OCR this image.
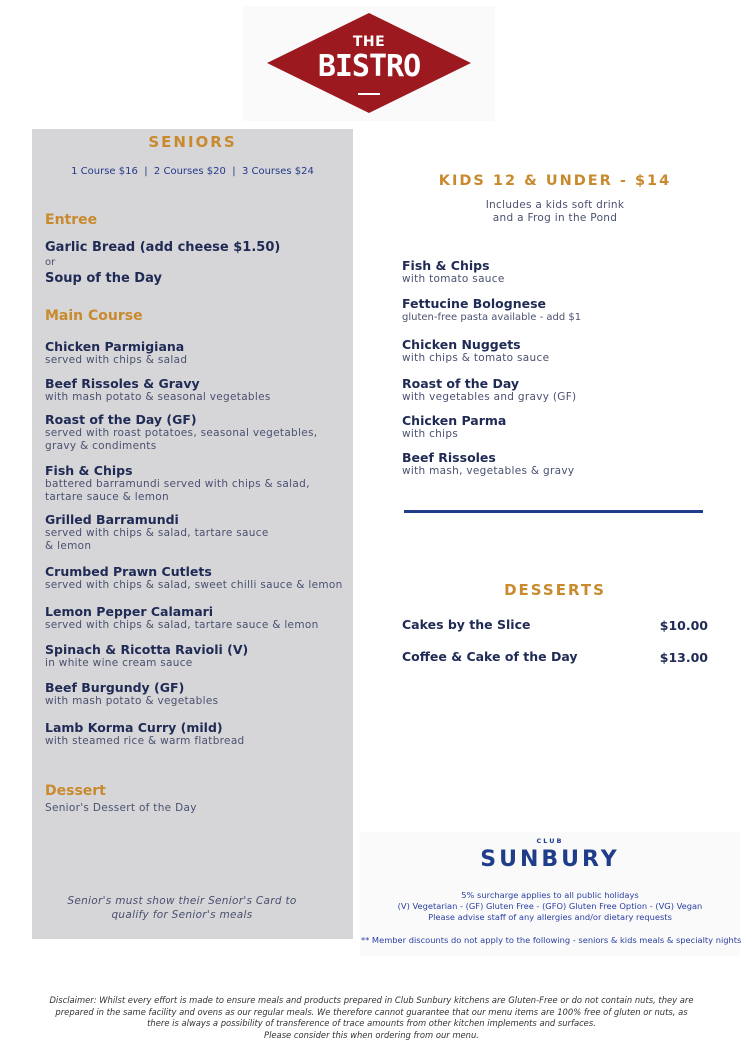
THE
BISTRO
SENIORS
1 Course $16  |  2 Courses $20  |  3 Courses $24
Entree
Garlic Bread (add cheese $1.50)
or
Soup of the Day
Main Course
Chicken Parmigiana
served with chips & salad
Beef Rissoles & Gravy
with mash potato & seasonal vegetables
Roast of the Day (GF)
served with roast potatoes, seasonal vegetables,
gravy & condiments
Fish & Chips
battered barramundi served with chips & salad,
tartare sauce & lemon
Grilled Barramundi
served with chips & salad, tartare sauce
& lemon
Crumbed Prawn Cutlets
served with chips & salad, sweet chilli sauce & lemon
Lemon Pepper Calamari
served with chips & salad, tartare sauce & lemon
Spinach & Ricotta Ravioli (V)
in white wine cream sauce
Beef Burgundy (GF)
with mash potato & vegetables
Lamb Korma Curry (mild)
with steamed rice & warm flatbread
Dessert
Senior's Dessert of the Day
Senior's must show their Senior's Card to
qualify for Senior's meals
KIDS 12 & UNDER - $14
Includes a kids soft drink
and a Frog in the Pond
Fish & Chips
with tomato sauce
Fettucine Bolognese
gluten-free pasta available - add $1
Chicken Nuggets
with chips & tomato sauce
Roast of the Day
with vegetables and gravy (GF)
Chicken Parma
with chips
Beef Rissoles
with mash, vegetables & gravy
DESSERTS
Cakes by the Slice	$10.00
Coffee & Cake of the Day	$13.00
CLUB
SUNBURY
5% surcharge applies to all public holidays
(V) Vegetarian - (GF) Gluten Free - (GFO) Gluten Free Option - (VG) Vegan
Please advise staff of any allergies and/or dietary requests
** Member discounts do not apply to the following - seniors & kids meals & specialty nights
Disclaimer: Whilst every effort is made to ensure meals and products prepared in Club Sunbury kitchens are Gluten-Free or do not contain nuts, they are
prepared in the same facility and ovens as our regular meals. We therefore cannot guarantee that our menu items are 100% free of gluten or nuts, as
there is always a possibility of transference of trace amounts from other kitchen implements and surfaces.
Please consider this when ordering from our menu.
